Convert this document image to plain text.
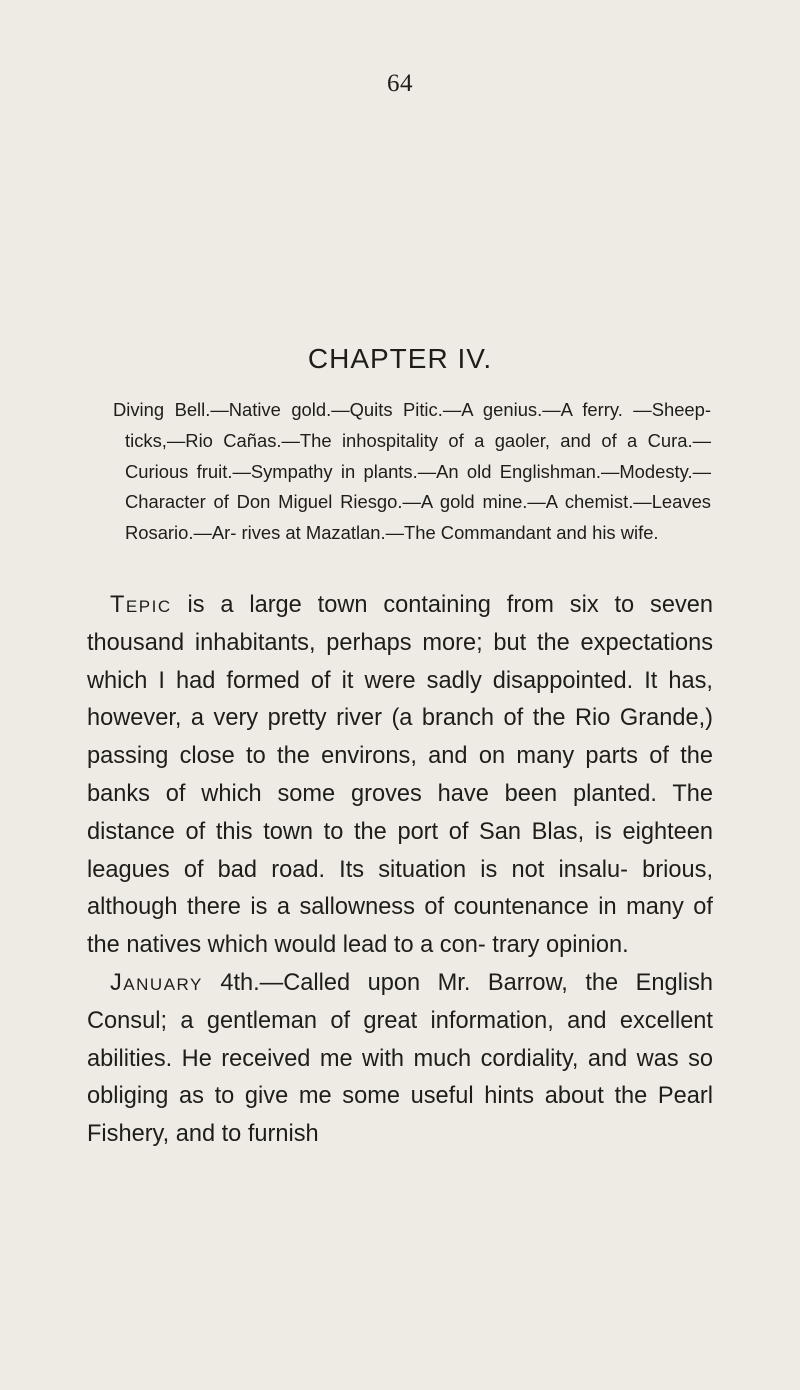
64
CHAPTER IV.
Diving Bell.—Native gold.—Quits Pitic.—A genius.—A ferry. —Sheep-ticks,—Rio Cañas.—The inhospitality of a gaoler, and of a Cura.—Curious fruit.—Sympathy in plants.—An old Englishman.—Modesty.—Character of Don Miguel Riesgo.—A gold mine.—A chemist.—Leaves Rosario.—Ar- rives at Mazatlan.—The Commandant and his wife.

Tepic is a large town containing from six to seven thousand inhabitants, perhaps more; but the expectations which I had formed of it were sadly disappointed. It has, however, a very pretty river (a branch of the Rio Grande,) passing close to the environs, and on many parts of the banks of which some groves have been planted. The distance of this town to the port of San Blas, is eighteen leagues of bad road. Its situation is not insalu- brious, although there is a sallowness of countenance in many of the natives which would lead to a con- trary opinion.

January 4th.—Called upon Mr. Barrow, the English Consul; a gentleman of great information, and excellent abilities. He received me with much cordiality, and was so obliging as to give me some useful hints about the Pearl Fishery, and to furnish
